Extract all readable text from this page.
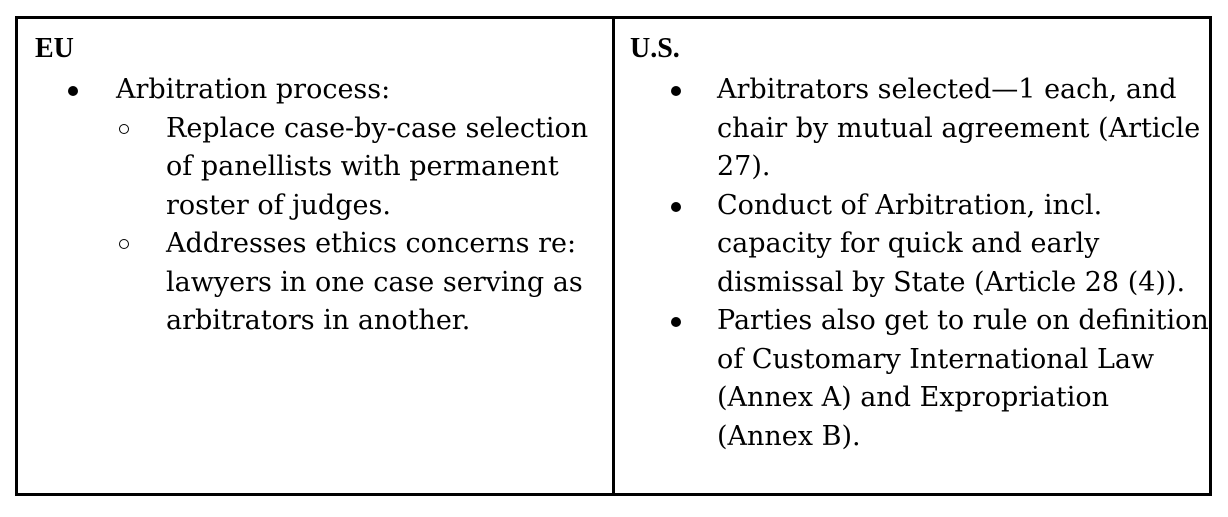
EU
Arbitration process:
Replace case-by-case selection of panellists with permanent roster of judges.
Addresses ethics concerns re: lawyers in one case serving as arbitrators in another.
U.S.
Arbitrators selected—1 each, and chair by mutual agreement (Article 27).
Conduct of Arbitration, incl. capacity for quick and early dismissal by State (Article 28 (4)).
Parties also get to rule on definition of Customary International Law (Annex A) and Expropriation (Annex B).
